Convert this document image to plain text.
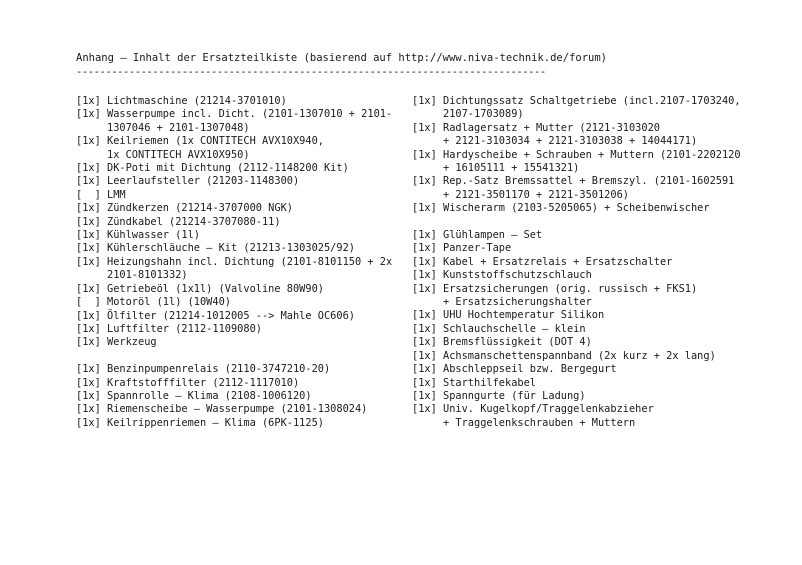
Anhang – Inhalt der Ersatzteilkiste (basierend auf http://www.niva-technik.de/forum)
--------------------------------------------------------------------------------

[1x] Lichtmaschine (21214-3701010)

[1x] Wasserpumpe incl. Dicht. (2101-1307010 + 2101-

1307046 + 2101-1307048)

[1x] Keilriemen (1x CONTITECH AVX10X940,

1x CONTITECH AVX10X950)

[1x] DK-Poti mit Dichtung (2112-1148200 Kit)

[1x] Leerlaufsteller (21203-1148300)

[  ] LMM

[1x] Zündkerzen (21214-3707000 NGK)

[1x] Zündkabel (21214-3707080-11)

[1x] Kühlwasser (1l)

[1x] Kühlerschläuche – Kit (21213-1303025/92)

[1x] Heizungshahn incl. Dichtung (2101-8101150 + 2x

2101-8101332)

[1x] Getriebeöl (1x1l) (Valvoline 80W90)

[  ] Motoröl (1l) (10W40)

[1x] Ölfilter (21214-1012005 --> Mahle OC606)

[1x] Luftfilter (2112-1109080)

[1x] Werkzeug

[1x] Benzinpumpenrelais (2110-3747210-20)

[1x] Kraftstofffilter (2112-1117010)

[1x] Spannrolle – Klima (2108-1006120)

[1x] Riemenscheibe – Wasserpumpe (2101-1308024)

[1x] Keilrippenriemen – Klima (6PK-1125)

[1x] Dichtungssatz Schaltgetriebe (incl.2107-1703240,

2107-1703089)

[1x] Radlagersatz + Mutter (2121-3103020

+ 2121-3103034 + 2121-3103038 + 14044171)

[1x] Hardyscheibe + Schrauben + Muttern (2101-2202120

+ 16105111 + 15541321)

[1x] Rep.-Satz Bremssattel + Bremszyl. (2101-1602591

+ 2121-3501170 + 2121-3501206)

[1x] Wischerarm (2103-5205065) + Scheibenwischer

[1x] Glühlampen – Set

[1x] Panzer-Tape

[1x] Kabel + Ersatzrelais + Ersatzschalter

[1x] Kunststoffschutzschlauch

[1x] Ersatzsicherungen (orig. russisch + FKS1)

+ Ersatzsicherungshalter

[1x] UHU Hochtemperatur Silikon

[1x] Schlauchschelle – klein

[1x] Bremsflüssigkeit (DOT 4)

[1x] Achsmanschettenspannband (2x kurz + 2x lang)

[1x] Abschleppseil bzw. Bergegurt

[1x] Starthilfekabel

[1x] Spanngurte (für Ladung)

[1x] Univ. Kugelkopf/Traggelenkabzieher

+ Traggelenkschrauben + Muttern
